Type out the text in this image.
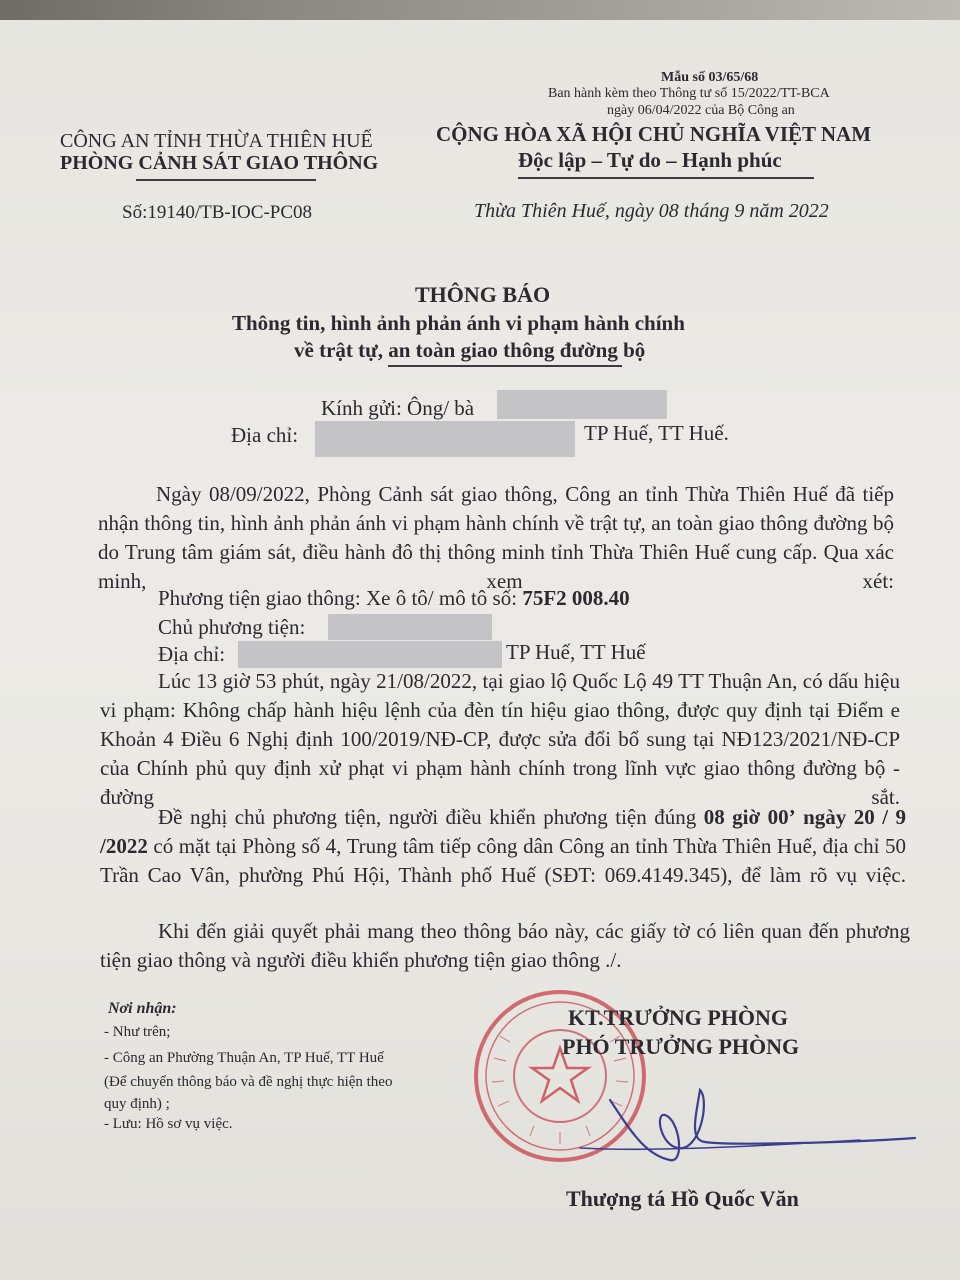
Mẫu số 03/65/68
Ban hành kèm theo Thông tư số 15/2022/TT-BCA
ngày 06/04/2022 của Bộ Công an
CÔNG AN TỈNH THỪA THIÊN HUẾ
PHÒNG CẢNH SÁT GIAO THÔNG
Số:19140/TB-IOC-PC08
CỘNG HÒA XÃ HỘI CHỦ NGHĨA VIỆT NAM
Độc lập – Tự do – Hạnh phúc
Thừa Thiên Huế, ngày 08 tháng 9 năm 2022
THÔNG BÁO
Thông tin, hình ảnh phản ánh vi phạm hành chính
về trật tự, an toàn giao thông đường bộ
Kính gửi: Ông/ bà
Địa chỉ:	TP Huế, TT Huế.
Ngày 08/09/2022, Phòng Cảnh sát giao thông, Công an tỉnh Thừa Thiên Huế đã tiếp nhận thông tin, hình ảnh phản ánh vi phạm hành chính về trật tự, an toàn giao thông đường bộ do Trung tâm giám sát, điều hành đô thị thông minh tỉnh Thừa Thiên Huế cung cấp. Qua xác minh, xem xét:
Phương tiện giao thông: Xe ô tô/ mô tô số: 75F2 008.40
Chủ phương tiện:
Địa chỉ:	TP Huế, TT Huế
Lúc 13 giờ 53 phút, ngày 21/08/2022, tại giao lộ Quốc Lộ 49 TT Thuận An, có dấu hiệu vi phạm: Không chấp hành hiệu lệnh của đèn tín hiệu giao thông, được quy định tại Điểm e Khoản 4 Điều 6 Nghị định 100/2019/NĐ-CP, được sửa đổi bổ sung tại NĐ123/2021/NĐ-CP của Chính phủ quy định xử phạt vi phạm hành chính trong lĩnh vực giao thông đường bộ - đường sắt.
Đề nghị chủ phương tiện, người điều khiển phương tiện đúng 08 giờ 00’ ngày 20 / 9 /2022 có mặt tại Phòng số 4, Trung tâm tiếp công dân Công an tỉnh Thừa Thiên Huế, địa chỉ 50 Trần Cao Vân, phường Phú Hội, Thành phố Huế (SĐT: 069.4149.345), để làm rõ vụ việc.
Khi đến giải quyết phải mang theo thông báo này, các giấy tờ có liên quan đến phương tiện giao thông và người điều khiển phương tiện giao thông ./.
Nơi nhận:
- Như trên;
- Công an Phường Thuận An, TP Huế, TT Huế
(Để chuyển thông báo và đề nghị thực hiện theo
quy định) ;
- Lưu: Hồ sơ vụ việc.
KT.TRƯỞNG PHÒNG
PHÓ TRƯỞNG PHÒNG
Thượng tá Hồ Quốc Văn
